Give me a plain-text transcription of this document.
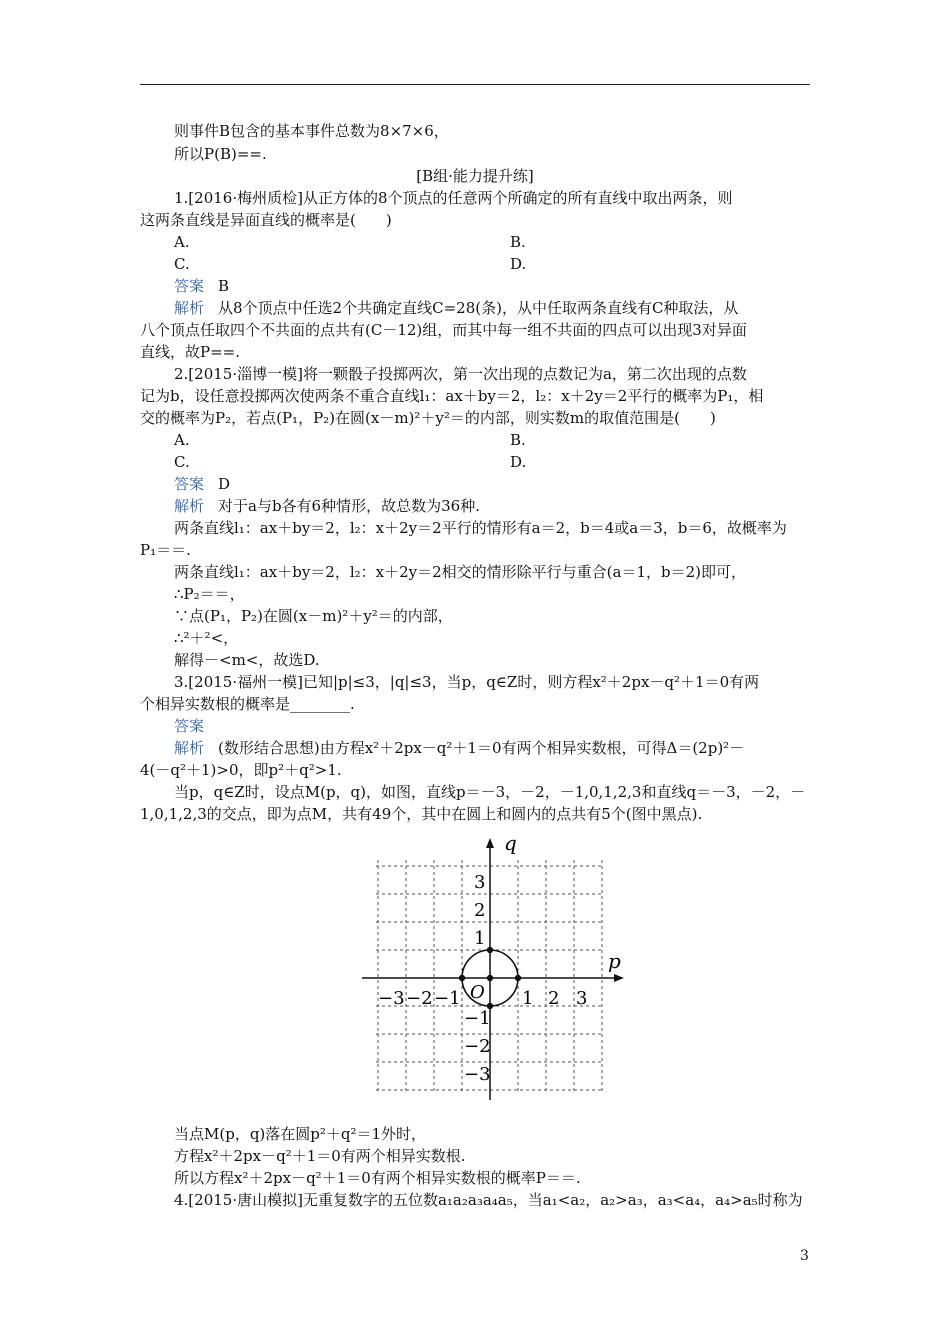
则事件B包含的基本事件总数为8×7×6，
所以P(B)==.
[B组·能力提升练]
1.[2016·梅州质检]从正方体的8个顶点的任意两个所确定的所有直线中取出两条，则
这两条直线是异面直线的概率是(　　)
A.	B.
C.	D.
答案 B
解析 从8个顶点中任选2个共确定直线C=28(条)，从中任取两条直线有C种取法，从
八个顶点任取四个不共面的点共有(C－12)组，而其中每一组不共面的四点可以出现3对异面
直线，故P==.
2.[2015·淄博一模]将一颗骰子投掷两次，第一次出现的点数记为a，第二次出现的点数
记为b，设任意投掷两次使两条不重合直线l₁：ax＋by＝2，l₂：x＋2y＝2平行的概率为P₁，相
交的概率为P₂，若点(P₁，P₂)在圆(x－m)²＋y²＝的内部，则实数m的取值范围是(　　)
A.	B.
C.	D.
答案 D
解析 对于a与b各有6种情形，故总数为36种.
两条直线l₁：ax＋by＝2，l₂：x＋2y＝2平行的情形有a＝2，b＝4或a＝3，b＝6，故概率为
P₁＝＝.
两条直线l₁：ax＋by＝2，l₂：x＋2y＝2相交的情形除平行与重合(a＝1，b＝2)即可，
∴P₂＝＝，
∵点(P₁，P₂)在圆(x－m)²＋y²＝的内部，
∴²＋²<，
解得－<m<，故选D.
3.[2015·福州一模]已知|p|≤3，|q|≤3，当p，q∈Z时，则方程x²＋2px－q²＋1＝0有两
个相异实数根的概率是________.
答案
解析 (数形结合思想)由方程x²＋2px－q²＋1＝0有两个相异实数根，可得Δ＝(2p)²－
4(－q²＋1)>0，即p²＋q²>1.
当p，q∈Z时，设点M(p，q)，如图，直线p＝－3，－2，－1,0,1,2,3和直线q＝－3，－2，－
1,0,1,2,3的交点，即为点M，共有49个，其中在圆上和圆内的点共有5个(图中黑点).
q
p
O
−3 −2 −1	1 2 3
3
2
1
−1
−2
−3
当点M(p，q)落在圆p²＋q²＝1外时，
方程x²＋2px－q²＋1＝0有两个相异实数根.
所以方程x²＋2px－q²＋1＝0有两个相异实数根的概率P＝＝.
4.[2015·唐山模拟]无重复数字的五位数a₁a₂a₃a₄a₅，当a₁<a₂，a₂>a₃，a₃<a₄，a₄>a₅时称为
3
